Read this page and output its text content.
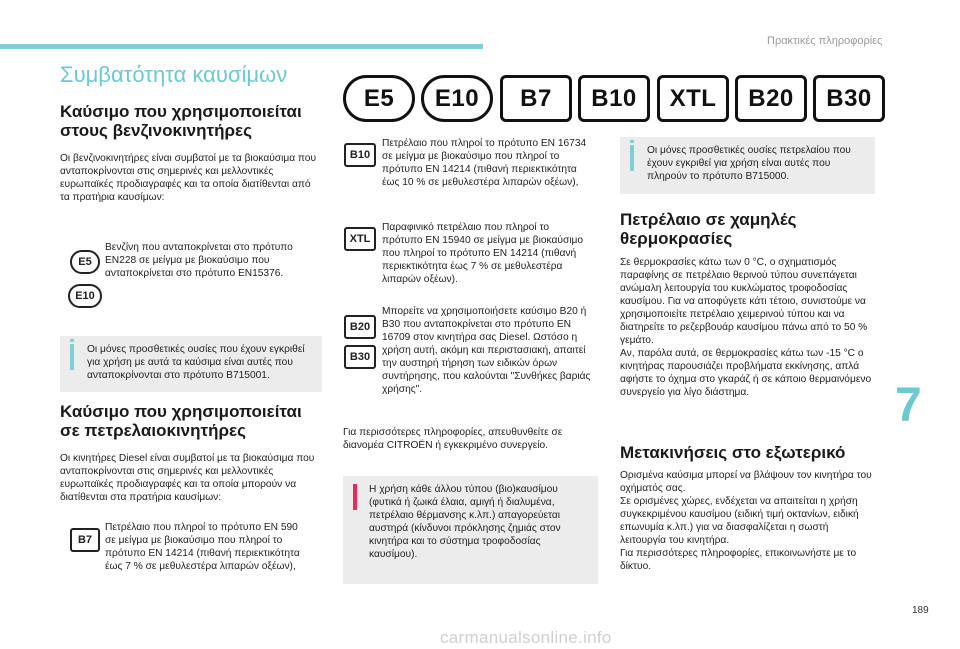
Πρακτικές πληροφορίες
Συμβατότητα καυσίμων
Καύσιμο που χρησιμοποιείται στους βενζινοκινητήρες
Οι βενζινοκινητήρες είναι συμβατοί με τα βιοκαύσιμα που ανταποκρίνονται στις σημερινές και μελλοντικές ευρωπαϊκές προδιαγραφές και τα οποία διατίθενται από τα πρατήρια καυσίμων:
E5
E10
Βενζίνη που ανταποκρίνεται στο πρότυπο EN228 σε μείγμα με βιοκαύσιμο που ανταποκρίνεται στο πρότυπο EN15376.
Οι μόνες προσθετικές ουσίες που έχουν εγκριθεί για χρήση με αυτά τα καύσιμα είναι αυτές που ανταποκρίνονται στο πρότυπο B715001.
Καύσιμο που χρησιμοποιείται σε πετρελαιοκινητήρες
Οι κινητήρες Diesel είναι συμβατοί με τα βιοκαύσιμα που ανταποκρίνονται στις σημερινές και μελλοντικές ευρωπαϊκές προδιαγραφές και τα οποία μπορούν να διατίθενται στα πρατήρια καυσίμων:
B7
Πετρέλαιο που πληροί το πρότυπο EN 590 σε μείγμα με βιοκαύσιμο που πληροί το πρότυπο EN 14214 (πιθανή περιεκτικότητα έως 7 % σε μεθυλεστέρα λιπαρών οξέων),
E5	E10	B7	B10	XTL	B20	B30
B10
Πετρέλαιο που πληροί το πρότυπο EN 16734 σε μείγμα με βιοκαύσιμο που πληροί το πρότυπο EN 14214 (πιθανή περιεκτικότητα έως 10 % σε μεθυλεστέρα λιπαρών οξέων),
XTL
Παραφινικό πετρέλαιο που πληροί το πρότυπο EN 15940 σε μείγμα με βιοκαύσιμο που πληροί το πρότυπο EN 14214 (πιθανή περιεκτικότητα έως 7 % σε μεθυλεστέρα λιπαρών οξέων).
B20
B30
Μπορείτε να χρησιμοποιήσετε καύσιμο B20 ή B30 που ανταποκρίνεται στο πρότυπο EN 16709 στον κινητήρα σας Diesel. Ωστόσο η χρήση αυτή, ακόμη και περιστασιακή, απαιτεί την αυστηρή τήρηση των ειδικών όρων συντήρησης, που καλούνται "Συνθήκες βαριάς χρήσης".
Για περισσότερες πληροφορίες, απευθυνθείτε σε διανομέα CITROËN ή εγκεκριμένο συνεργείο.
Η χρήση κάθε άλλου τύπου (βιο)καυσίμου (φυτικά ή ζωικά έλαια, αμιγή ή διαλυμένα, πετρέλαιο θέρμανσης κ.λπ.) απαγορεύεται αυστηρά (κίνδυνοι πρόκλησης ζημιάς στον κινητήρα και το σύστημα τροφοδοσίας καυσίμου).
Οι μόνες προσθετικές ουσίες πετρελαίου που έχουν εγκριθεί για χρήση είναι αυτές που πληρούν το πρότυπο B715000.
Πετρέλαιο σε χαμηλές θερμοκρασίες
Σε θερμοκρασίες κάτω των 0 °C, ο σχηματισμός παραφίνης σε πετρέλαιο θερινού τύπου συνεπάγεται ανώμαλη λειτουργία του κυκλώματος τροφοδοσίας καυσίμου. Για να αποφύγετε κάτι τέτοιο, συνιστούμε να χρησιμοποιείτε πετρέλαιο χειμερινού τύπου και να διατηρείτε το ρεζερβουάρ καυσίμου πάνω από το 50 % γεμάτο.
Αν, παρόλα αυτά, σε θερμοκρασίες κάτω των -15 °C ο κινητήρας παρουσιάζει προβλήματα εκκίνησης, απλά αφήστε το όχημα στο γκαράζ ή σε κάποιο θερμαινόμενο συνεργείο για λίγο διάστημα.
Μετακινήσεις στο εξωτερικό
Ορισμένα καύσιμα μπορεί να βλάψουν τον κινητήρα του οχήματός σας.
Σε ορισμένες χώρες, ενδέχεται να απαιτείται η χρήση συγκεκριμένου καυσίμου (ειδική τιμή οκτανίων, ειδική επωνυμία κ.λπ.) για να διασφαλίζεται η σωστή λειτουργία του κινητήρα.
Για περισσότερες πληροφορίες, επικοινωνήστε με το δίκτυο.
7
189
carmanualsonline.info
